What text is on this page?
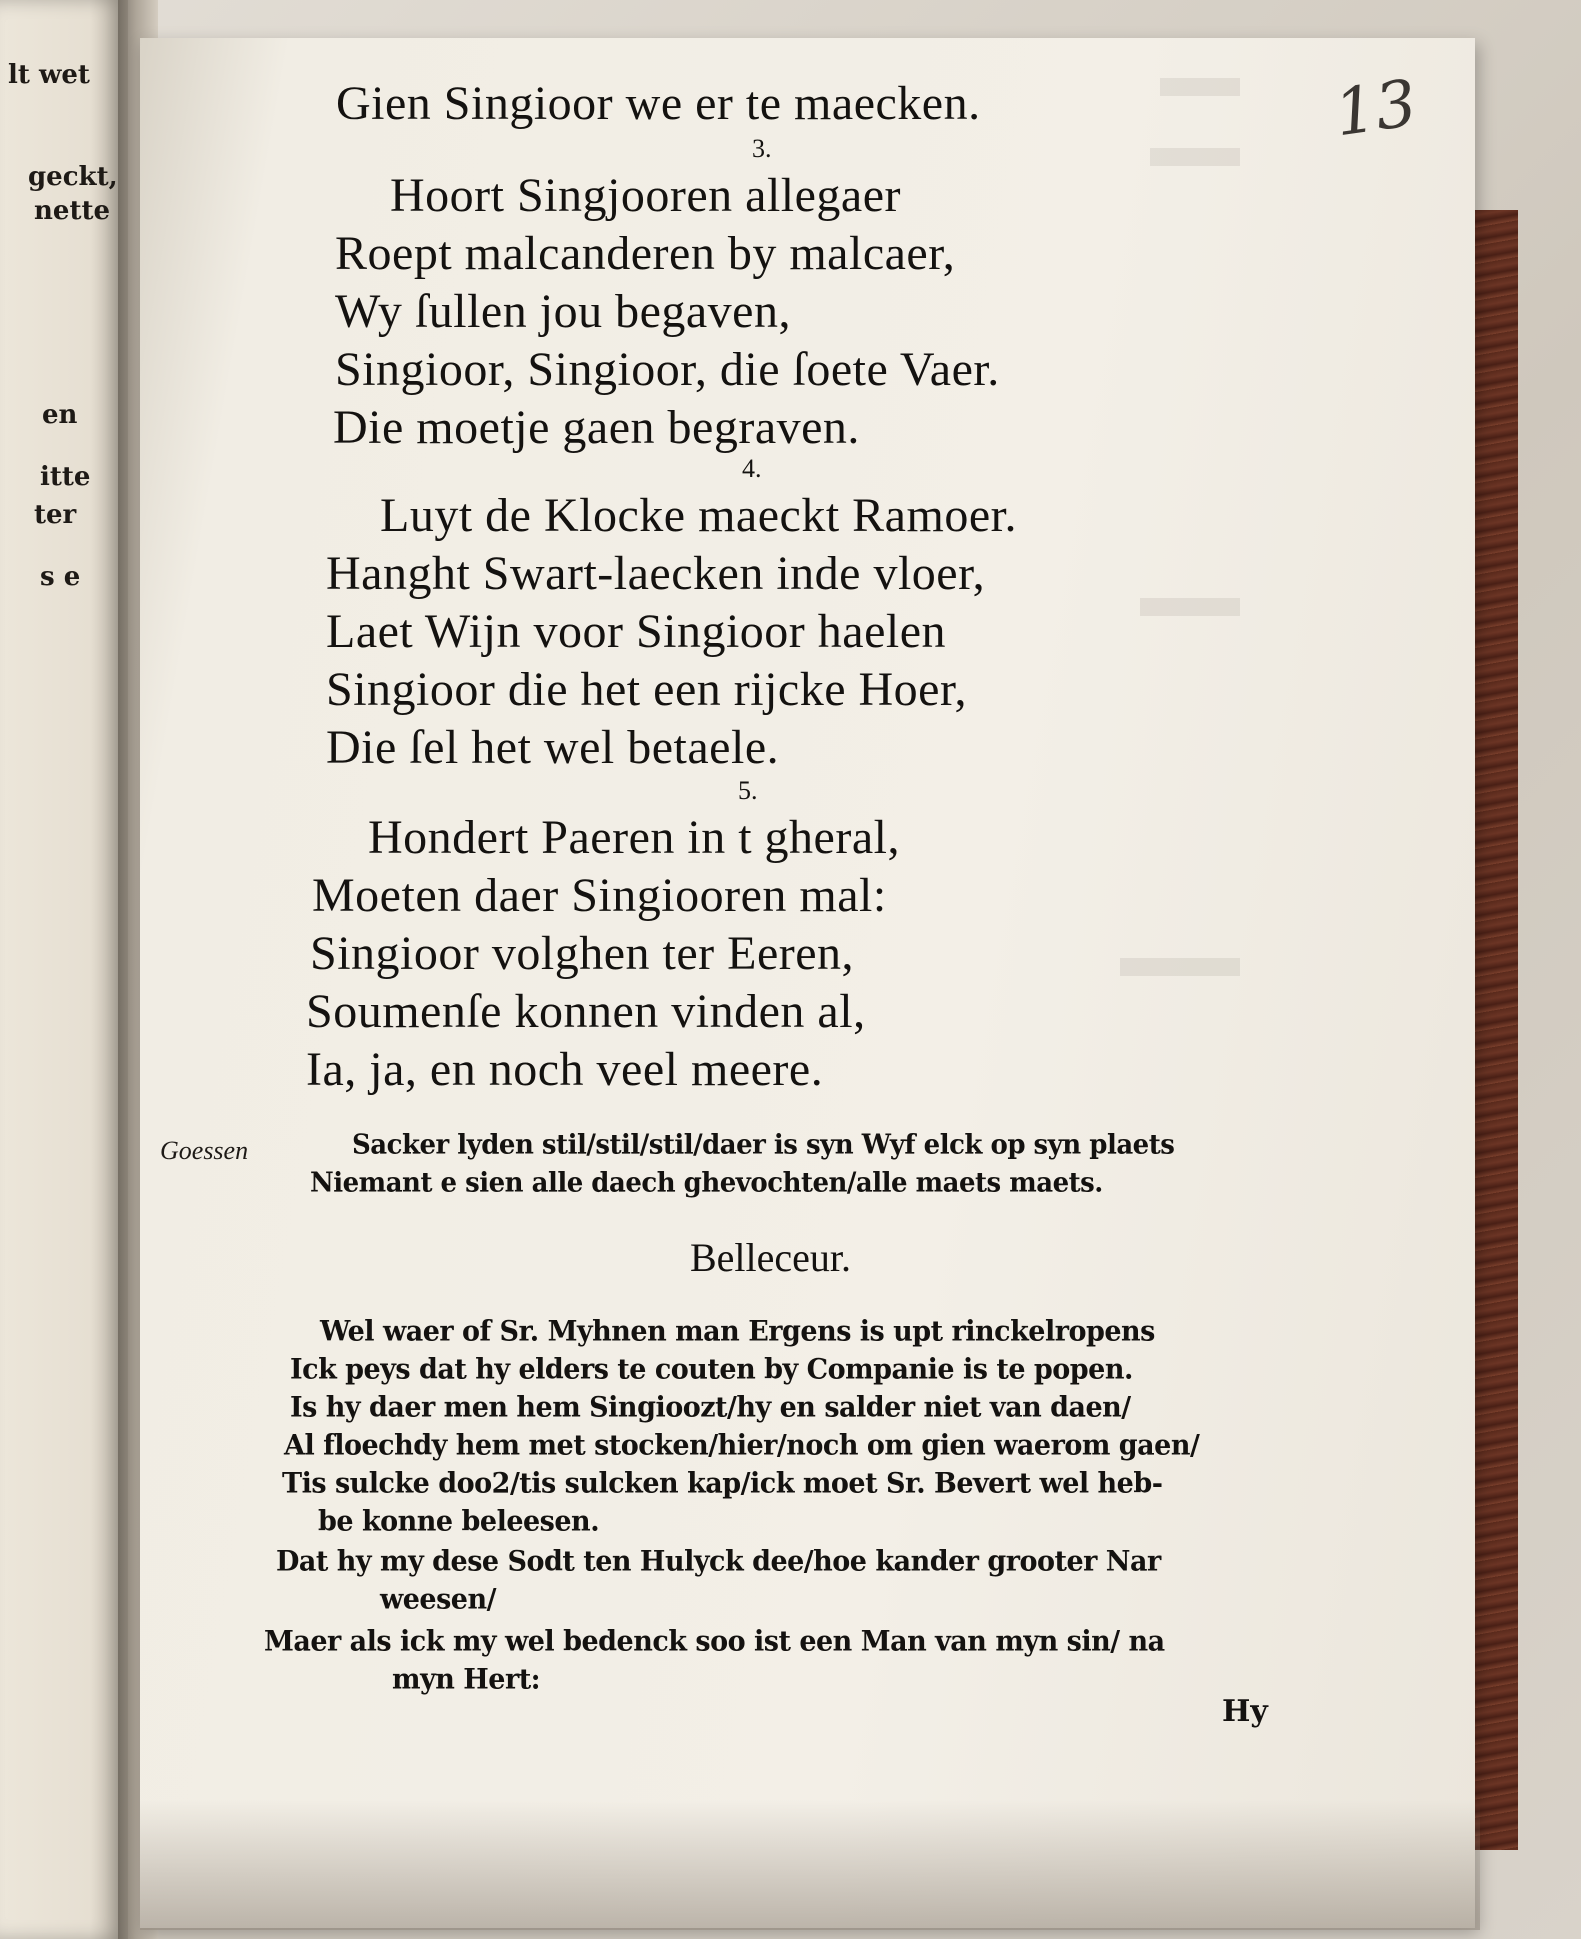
lt wet
geckt,
nette
en
itte
ter
s e
13
Gien Singioor we er te maecken.
3.
Hoort Singjooren allegaer
Roept malcanderen by malcaer,
Wy ſullen jou begaven,
Singioor, Singioor, die ſoete Vaer.
Die moetje gaen begraven.
4.
Luyt de Klocke maeckt Ramoer.
Hanght Swart-laecken inde vloer,
Laet Wijn voor Singioor haelen
Singioor die het een rijcke Hoer,
Die ſel het wel betaele.
5.
Hondert Paeren in t gheral,
Moeten daer Singiooren mal:
Singioor volghen ter Eeren,
Soumenſe konnen vinden al,
Ia, ja, en noch veel meere.
Goessen	Sacker lyden stil/stil/stil/daer is syn Wyf elck op syn plaets
Niemant e sien alle daech ghevochten/alle maets maets.
Belleceur.
Wel waer of Sr. Myhnen man Ergens is upt rinckelropens
Ick peys dat hy elders te couten by Companie is te popen.
Is hy daer men hem Singioozt/hy en salder niet van daen/
Al floechdy hem met stocken/hier/noch om gien waerom gaen/
Tis sulcke doo2/tis sulcken kap/ick moet Sr. Bevert wel heb-
be konne beleesen.
Dat hy my dese Sodt ten Hulyck dee/hoe kander grooter Nar
weesen/
Maer als ick my wel bedenck soo ist een Man van myn sin/ na
myn Hert:
Hy
